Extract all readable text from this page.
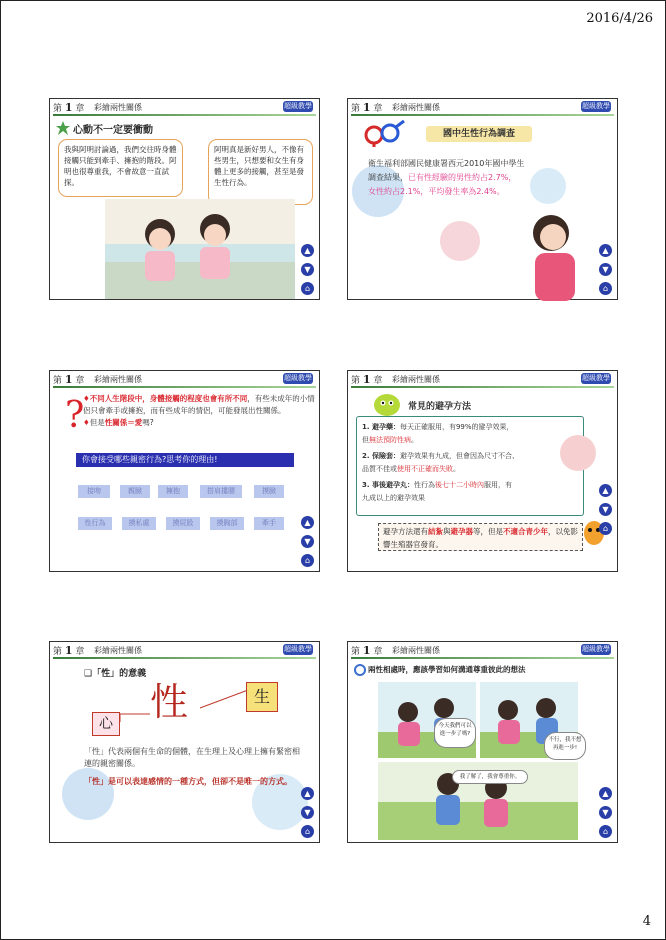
2016/4/26
4
第 1 章 彩繪兩性關係	超級教學
心動不一定要衝動
我與阿明討論過，我們交往時身體接觸只能到牽手、擁抱的階段。阿明也很尊重我，不會故意一直試探。
阿明真是新好男人，不像有些男生，只想要和女生有身體上更多的接觸，甚至是發生性行為。
▲
▼
⌂
第 1 章 彩繪兩性關係	超級教學
國中生性行為調查
衛生福利部國民健康署西元2010年國中學生
調查結果，已有性經驗的男性約占2.7%，
女性約占2.1%，平均發生率為2.4%。
▲
▼
⌂
第 1 章 彩繪兩性關係	超級教學
?
♦不同人生階段中，身體接觸的程度也會有所不同，有些未成年的小情侶只會牽手或擁抱，而有些成年的情侶，可能發展出性關係。
♦但是性關係＝愛嗎?
你會接受哪些親密行為?思考你的理由!
接吻	親臉	擁抱	搭肩摟腰	摸臉
性行為	摸私處	摸屁股	摸胸部	牽手	▲
▼
⌂
第 1 章 彩繪兩性關係	超級教學
常見的避孕方法
1. 避孕藥：每天正確服用，有99%的避孕效果，
但無法預防性病。
2. 保險套：避孕效果有九成，但會因為尺寸不合、
品質不佳或使用不正確而失敗。
3. 事後避孕丸：性行為後七十二小時內服用，有
九成以上的避孕效果
避孕方法還有結紮與避孕器等，但是不適合青少年，以免影響生殖器官發育。
▲
▼
⌂
第 1 章 彩繪兩性關係	超級教學
❑「性」的意義
性
心
生
「性」代表兩個有生命的個體，在生理上及心理上擁有緊密相連的親密關係。
「性」是可以表達感情的一種方式，但卻不是唯一的方式。
▲
▼
⌂
第 1 章 彩繪兩性關係	超級教學
兩性相處時，應該學習如何溝通尊重彼此的想法
今天我們可以進一步了嗎?
不行，我不想再進一步!
我了解了，我會尊重你。
▲
▼
⌂
